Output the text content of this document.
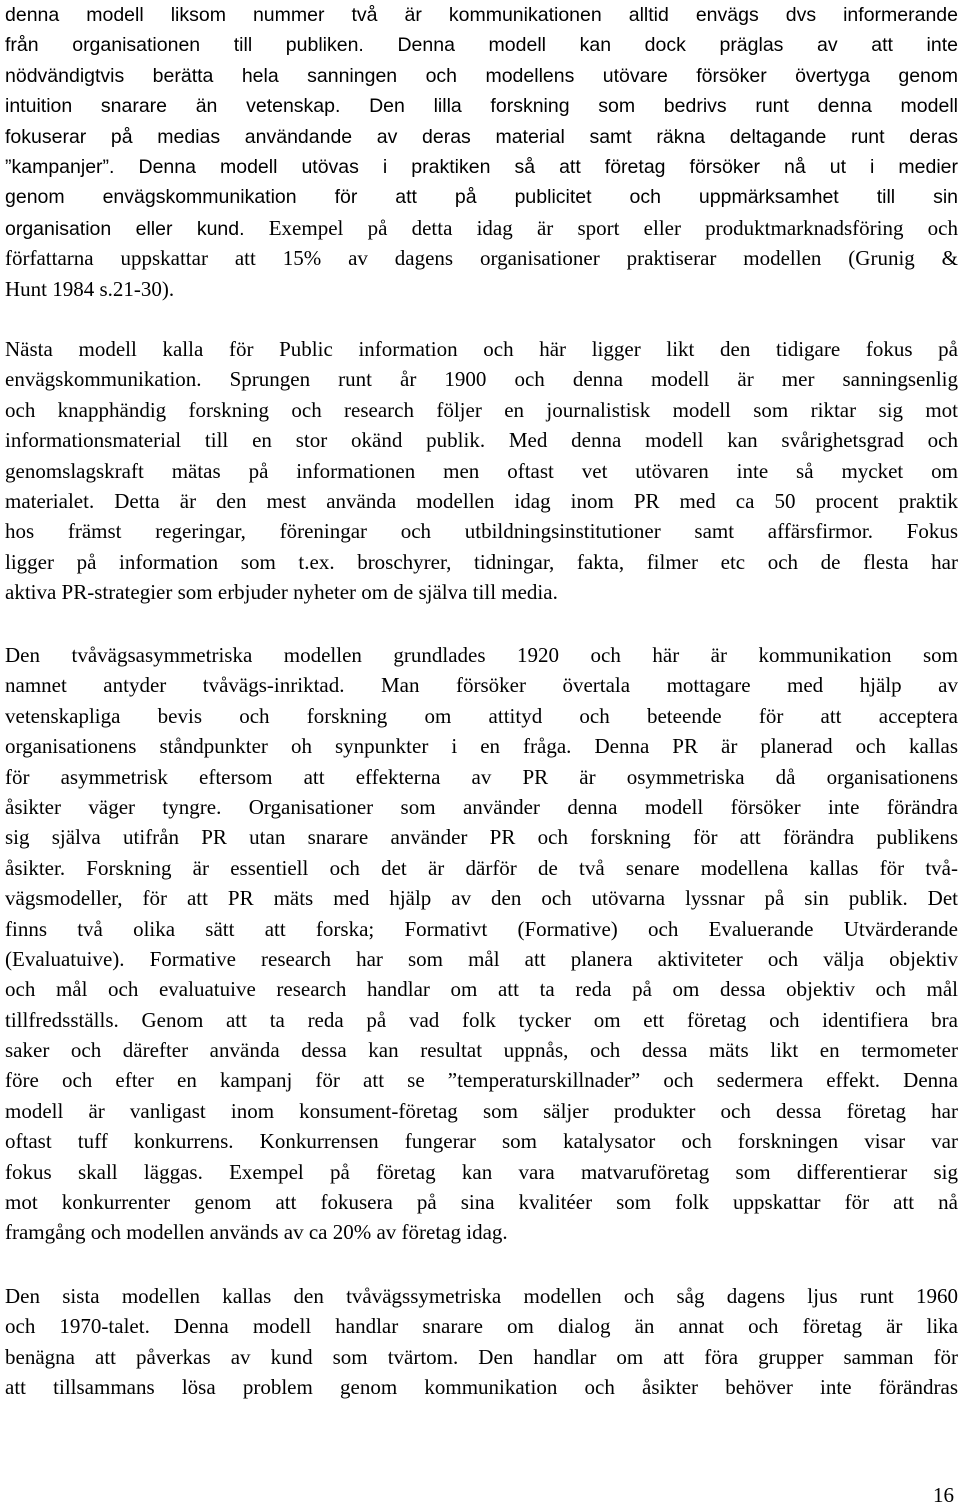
denna modell liksom nummer två är kommunikationen alltid envägs dvs informerande
från organisationen till publiken. Denna modell kan dock präglas av att inte
nödvändigtvis berätta hela sanningen och modellens utövare försöker övertyga genom
intuition snarare än vetenskap. Den lilla forskning som bedrivs runt denna modell
fokuserar på medias användande av deras material samt räkna deltagande runt deras
”kampanjer”. Denna modell utövas i praktiken så att företag försöker nå ut i medier
genom envägskommunikation för att på publicitet och uppmärksamhet till sin
organisation eller kund. Exempel på detta idag är sport eller produktmarknadsföring och
författarna uppskattar att 15% av dagens organisationer praktiserar modellen (Grunig &
Hunt 1984 s.21-30).

Nästa modell kalla för Public information och här ligger likt den tidigare fokus på
envägskommunikation. Sprungen runt år 1900 och denna modell är mer sanningsenlig
och knapphändig forskning och research följer en journalistisk modell som riktar sig mot
informationsmaterial till en stor okänd publik. Med denna modell kan svårighetsgrad och
genomslagskraft mätas på informationen men oftast vet utövaren inte så mycket om
materialet. Detta är den mest använda modellen idag inom PR med ca 50 procent praktik
hos främst regeringar, föreningar och utbildningsinstitutioner samt affärsfirmor. Fokus
ligger på information som t.ex. broschyrer, tidningar, fakta, filmer etc och de flesta har
aktiva PR-strategier som erbjuder nyheter om de själva till media.

Den tvåvägsasymmetriska modellen grundlades 1920 och här är kommunikation som
namnet antyder tvåvägs-inriktad. Man försöker övertala mottagare med hjälp av
vetenskapliga bevis och forskning om attityd och beteende för att acceptera
organisationens ståndpunkter oh synpunkter i en fråga. Denna PR är planerad och kallas
för asymmetrisk eftersom att effekterna av PR är osymmetriska då organisationens
åsikter väger tyngre. Organisationer som använder denna modell försöker inte förändra
sig själva utifrån PR utan snarare använder PR och forskning för att förändra publikens
åsikter. Forskning är essentiell och det är därför de två senare modellena kallas för två-
vägsmodeller, för att PR mäts med hjälp av den och utövarna lyssnar på sin publik. Det
finns två olika sätt att forska; Formativt (Formative) och Evaluerande Utvärderande
(Evaluatuive). Formative research har som mål att planera aktiviteter och välja objektiv
och mål och evaluatuive research handlar om att ta reda på om dessa objektiv och mål
tillfredsställs. Genom att ta reda på vad folk tycker om ett företag och identifiera bra
saker och därefter använda dessa kan resultat uppnås, och dessa mäts likt en termometer
före och efter en kampanj för att se ”temperaturskillnader” och sedermera effekt. Denna
modell är vanligast inom konsument-företag som säljer produkter och dessa företag har
oftast tuff konkurrens. Konkurrensen fungerar som katalysator och forskningen visar var
fokus skall läggas. Exempel på företag kan vara matvaruföretag som differentierar sig
mot konkurrenter genom att fokusera på sina kvalitéer som folk uppskattar för att nå
framgång och modellen används av ca 20% av företag idag.

Den sista modellen kallas den tvåvägssymetriska modellen och såg dagens ljus runt 1960
och 1970-talet. Denna modell handlar snarare om dialog än annat och företag är lika
benägna att påverkas av kund som tvärtom. Den handlar om att föra grupper samman för
att tillsammans lösa problem genom kommunikation och åsikter behöver inte förändras

16
